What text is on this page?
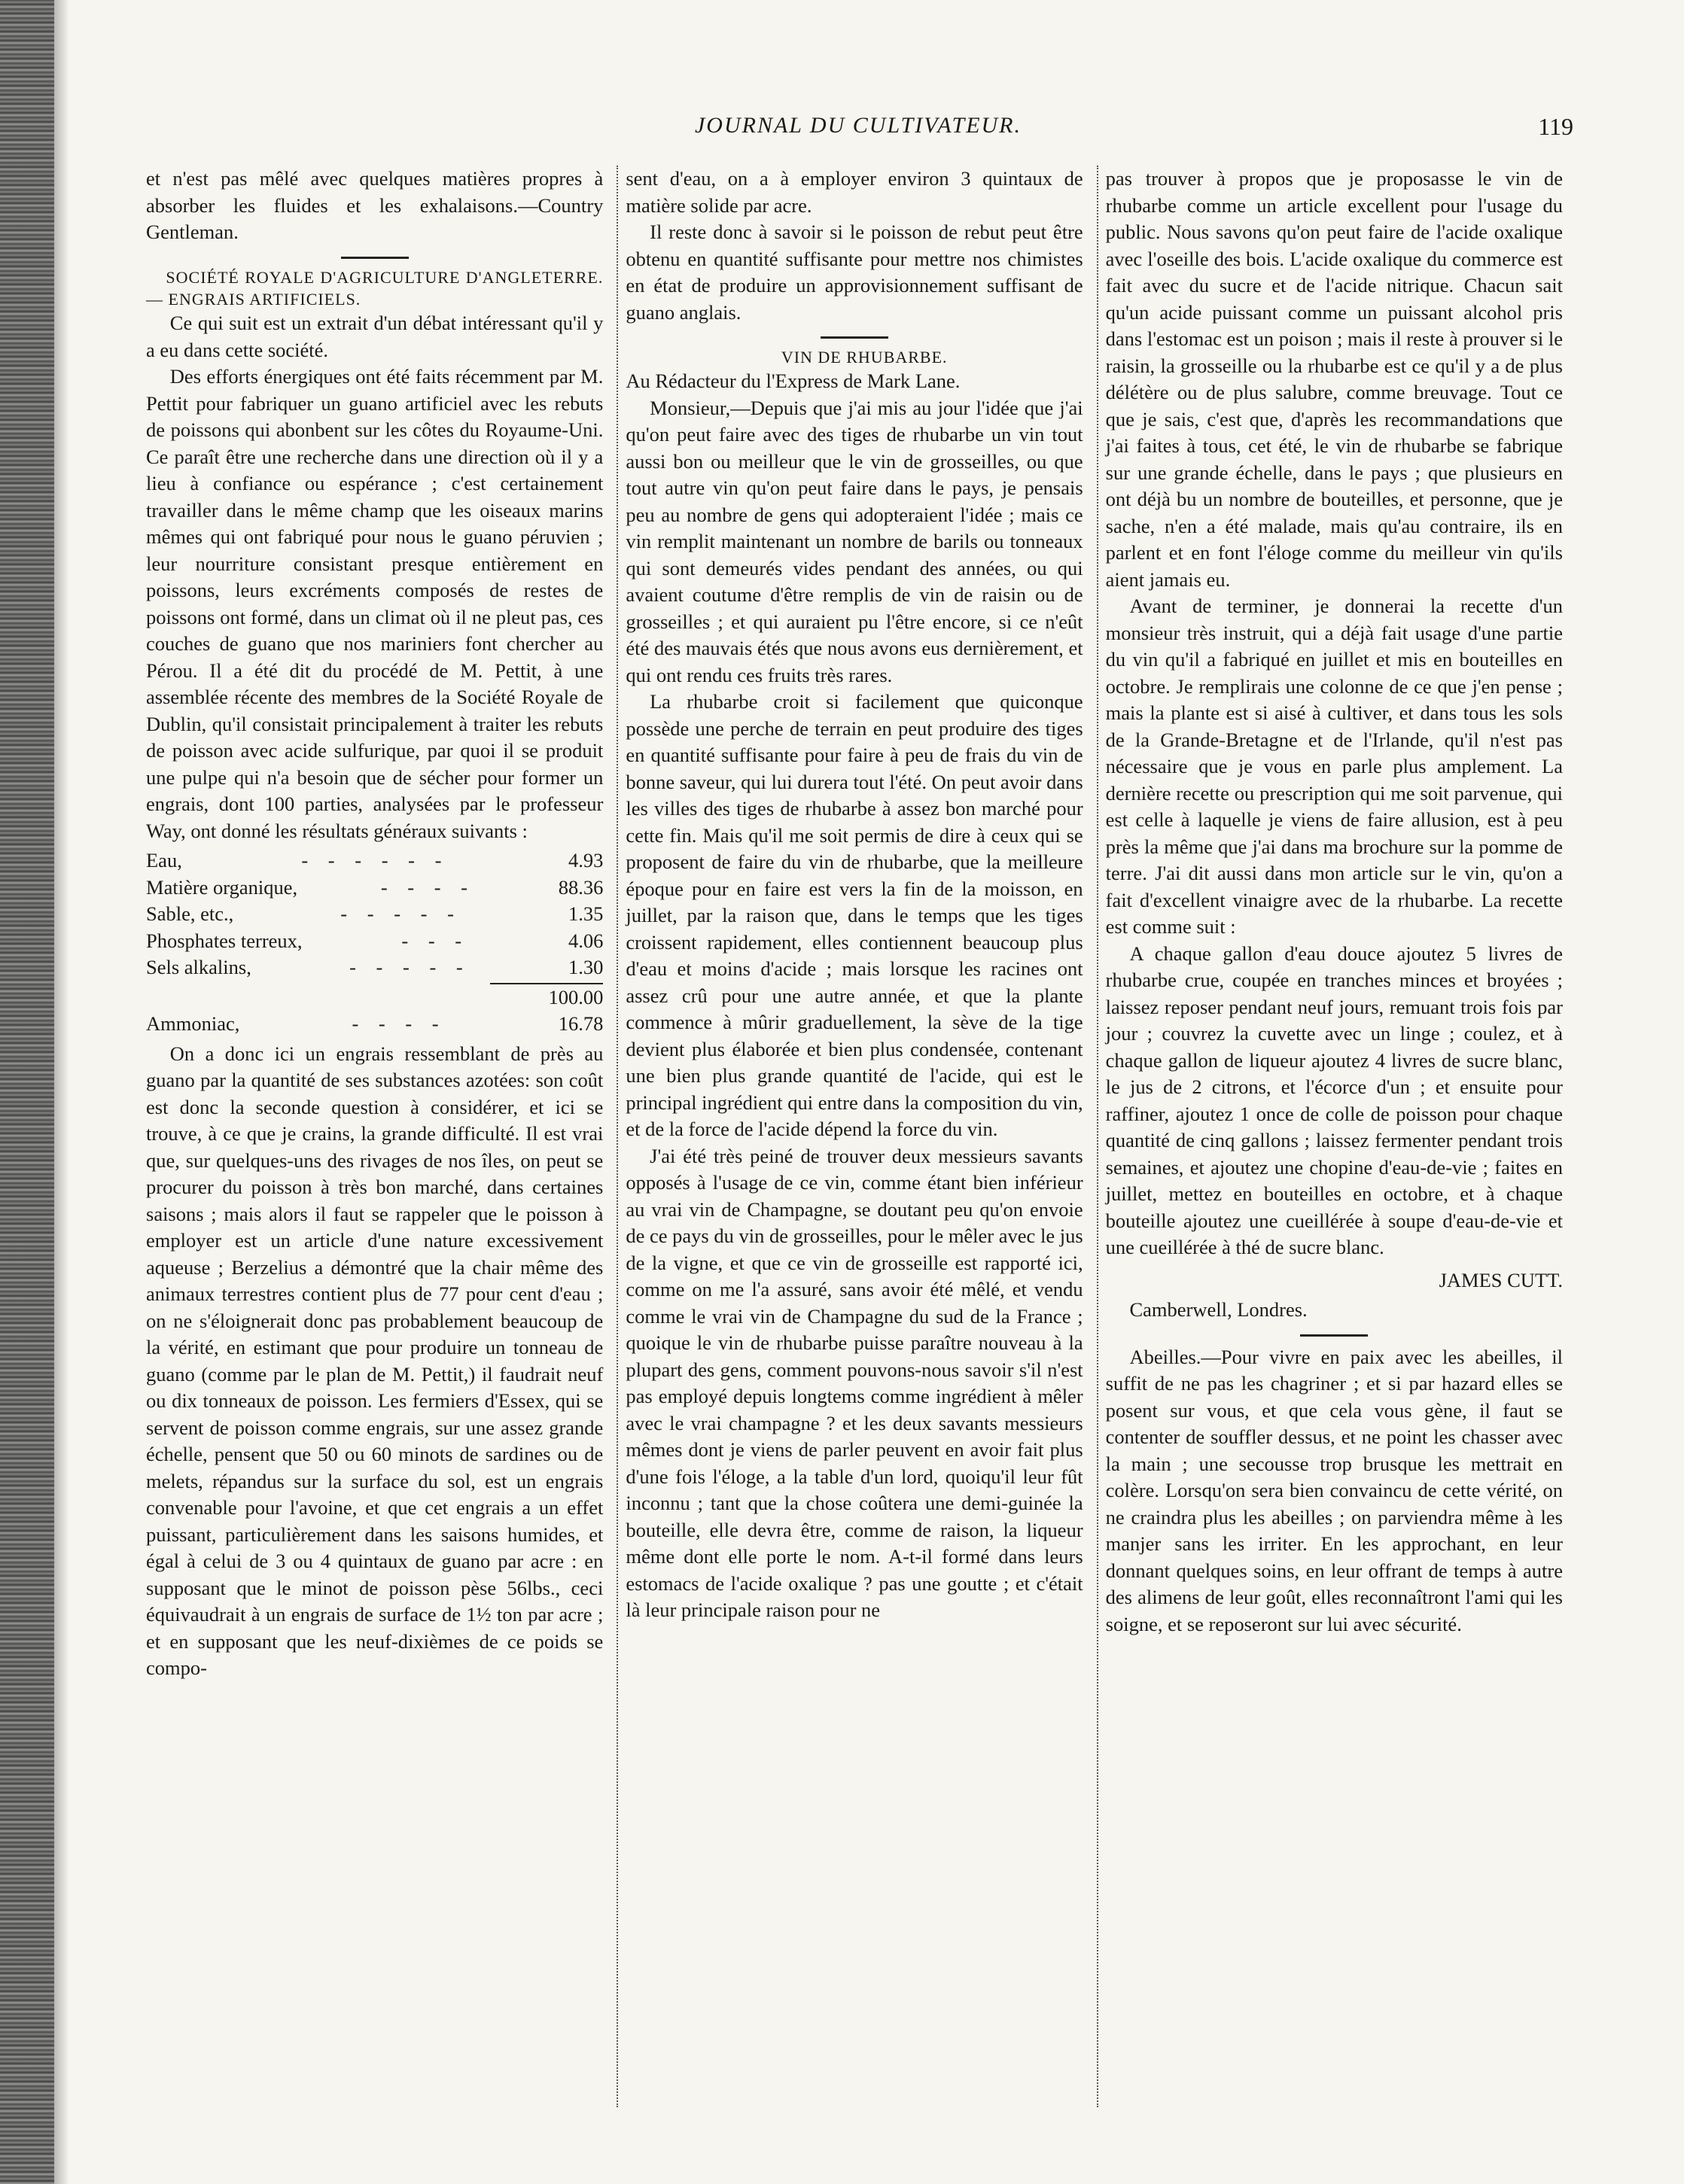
JOURNAL DU CULTIVATEUR.	119

et n'est pas mêlé avec quelques matières propres à absorber les fluides et les exhalaisons.—Country Gentleman.

SOCIÉTÉ ROYALE D'AGRICULTURE D'ANGLETERRE.— ENGRAIS ARTIFICIELS.

Ce qui suit est un extrait d'un débat intéressant qu'il y a eu dans cette société.

Des efforts énergiques ont été faits récemment par M. Pettit pour fabriquer un guano artificiel avec les rebuts de poissons qui abonbent sur les côtes du Royaume-Uni. Ce paraît être une recherche dans une direction où il y a lieu à confiance ou espérance ; c'est certainement travailler dans le même champ que les oiseaux marins mêmes qui ont fabriqué pour nous le guano péruvien ; leur nourriture consistant presque entièrement en poissons, leurs excréments composés de restes de poissons ont formé, dans un climat où il ne pleut pas, ces couches de guano que nos mariniers font chercher au Pérou. Il a été dit du procédé de M. Pettit, à une assemblée récente des membres de la Société Royale de Dublin, qu'il consistait principalement à traiter les rebuts de poisson avec acide sulfurique, par quoi il se produit une pulpe qui n'a besoin que de sécher pour former un engrais, dont 100 parties, analysées par le professeur Way, ont donné les résultats généraux suivants :

Eau,	- - - - - -	4.93
Matière organique,	- - - -	88.36
Sable, etc.,	- - - - -	1.35
Phosphates terreux,	- - -	4.06
Sels alkalins,	- - - - -	1.30
100.00
Ammoniac,	- - - -	16.78

On a donc ici un engrais ressemblant de près au guano par la quantité de ses substances azotées: son coût est donc la seconde question à considérer, et ici se trouve, à ce que je crains, la grande difficulté. Il est vrai que, sur quelques-uns des rivages de nos îles, on peut se procurer du poisson à très bon marché, dans certaines saisons ; mais alors il faut se rappeler que le poisson à employer est un article d'une nature excessivement aqueuse ; Berzelius a démontré que la chair même des animaux terrestres contient plus de 77 pour cent d'eau ; on ne s'éloignerait donc pas probablement beaucoup de la vérité, en estimant que pour produire un tonneau de guano (comme par le plan de M. Pettit,) il faudrait neuf ou dix tonneaux de poisson. Les fermiers d'Essex, qui se servent de poisson comme engrais, sur une assez grande échelle, pensent que 50 ou 60 minots de sardines ou de melets, répandus sur la surface du sol, est un engrais convenable pour l'avoine, et que cet engrais a un effet puissant, particulièrement dans les saisons humides, et égal à celui de 3 ou 4 quintaux de guano par acre : en supposant que le minot de poisson pèse 56lbs., ceci équivaudrait à un engrais de surface de 1½ ton par acre ; et en supposant que les neuf-dixièmes de ce poids se compo-

sent d'eau, on a à employer environ 3 quintaux de matière solide par acre.

Il reste donc à savoir si le poisson de rebut peut être obtenu en quantité suffisante pour mettre nos chimistes en état de produire un approvisionnement suffisant de guano anglais.

VIN DE RHUBARBE.

Au Rédacteur du l'Express de Mark Lane.

Monsieur,—Depuis que j'ai mis au jour l'idée que j'ai qu'on peut faire avec des tiges de rhubarbe un vin tout aussi bon ou meilleur que le vin de grosseilles, ou que tout autre vin qu'on peut faire dans le pays, je pensais peu au nombre de gens qui adopteraient l'idée ; mais ce vin remplit maintenant un nombre de barils ou tonneaux qui sont demeurés vides pendant des années, ou qui avaient coutume d'être remplis de vin de raisin ou de grosseilles ; et qui auraient pu l'être encore, si ce n'eût été des mauvais étés que nous avons eus dernièrement, et qui ont rendu ces fruits très rares.

La rhubarbe croit si facilement que quiconque possède une perche de terrain en peut produire des tiges en quantité suffisante pour faire à peu de frais du vin de bonne saveur, qui lui durera tout l'été. On peut avoir dans les villes des tiges de rhubarbe à assez bon marché pour cette fin. Mais qu'il me soit permis de dire à ceux qui se proposent de faire du vin de rhubarbe, que la meilleure époque pour en faire est vers la fin de la moisson, en juillet, par la raison que, dans le temps que les tiges croissent rapidement, elles contiennent beaucoup plus d'eau et moins d'acide ; mais lorsque les racines ont assez crû pour une autre année, et que la plante commence à mûrir graduellement, la sève de la tige devient plus élaborée et bien plus condensée, contenant une bien plus grande quantité de l'acide, qui est le principal ingrédient qui entre dans la composition du vin, et de la force de l'acide dépend la force du vin.

J'ai été très peiné de trouver deux messieurs savants opposés à l'usage de ce vin, comme étant bien inférieur au vrai vin de Champagne, se doutant peu qu'on envoie de ce pays du vin de grosseilles, pour le mêler avec le jus de la vigne, et que ce vin de grosseille est rapporté ici, comme on me l'a assuré, sans avoir été mêlé, et vendu comme le vrai vin de Champagne du sud de la France ; quoique le vin de rhubarbe puisse paraître nouveau à la plupart des gens, comment pouvons-nous savoir s'il n'est pas employé depuis longtems comme ingrédient à mêler avec le vrai champagne ? et les deux savants messieurs mêmes dont je viens de parler peuvent en avoir fait plus d'une fois l'éloge, a la table d'un lord, quoiqu'il leur fût inconnu ; tant que la chose coûtera une demi-guinée la bouteille, elle devra être, comme de raison, la liqueur même dont elle porte le nom. A-t-il formé dans leurs estomacs de l'acide oxalique ? pas une goutte ; et c'était là leur principale raison pour ne

pas trouver à propos que je proposasse le vin de rhubarbe comme un article excellent pour l'usage du public. Nous savons qu'on peut faire de l'acide oxalique avec l'oseille des bois. L'acide oxalique du commerce est fait avec du sucre et de l'acide nitrique. Chacun sait qu'un acide puissant comme un puissant alcohol pris dans l'estomac est un poison ; mais il reste à prouver si le raisin, la grosseille ou la rhubarbe est ce qu'il y a de plus délétère ou de plus salubre, comme breuvage. Tout ce que je sais, c'est que, d'après les recommandations que j'ai faites à tous, cet été, le vin de rhubarbe se fabrique sur une grande échelle, dans le pays ; que plusieurs en ont déjà bu un nombre de bouteilles, et personne, que je sache, n'en a été malade, mais qu'au contraire, ils en parlent et en font l'éloge comme du meilleur vin qu'ils aient jamais eu.

Avant de terminer, je donnerai la recette d'un monsieur très instruit, qui a déjà fait usage d'une partie du vin qu'il a fabriqué en juillet et mis en bouteilles en octobre. Je remplirais une colonne de ce que j'en pense ; mais la plante est si aisé à cultiver, et dans tous les sols de la Grande-Bretagne et de l'Irlande, qu'il n'est pas nécessaire que je vous en parle plus amplement. La dernière recette ou prescription qui me soit parvenue, qui est celle à laquelle je viens de faire allusion, est à peu près la même que j'ai dans ma brochure sur la pomme de terre. J'ai dit aussi dans mon article sur le vin, qu'on a fait d'excellent vinaigre avec de la rhubarbe. La recette est comme suit :

A chaque gallon d'eau douce ajoutez 5 livres de rhubarbe crue, coupée en tranches minces et broyées ; laissez reposer pendant neuf jours, remuant trois fois par jour ; couvrez la cuvette avec un linge ; coulez, et à chaque gallon de liqueur ajoutez 4 livres de sucre blanc, le jus de 2 citrons, et l'écorce d'un ; et ensuite pour raffiner, ajoutez 1 once de colle de poisson pour chaque quantité de cinq gallons ; laissez fermenter pendant trois semaines, et ajoutez une chopine d'eau-de-vie ; faites en juillet, mettez en bouteilles en octobre, et à chaque bouteille ajoutez une cueillérée à soupe d'eau-de-vie et une cueillérée à thé de sucre blanc.

JAMES CUTT.
Camberwell, Londres.

Abeilles.—Pour vivre en paix avec les abeilles, il suffit de ne pas les chagriner ; et si par hazard elles se posent sur vous, et que cela vous gène, il faut se contenter de souffler dessus, et ne point les chasser avec la main ; une secousse trop brusque les mettrait en colère. Lorsqu'on sera bien convaincu de cette vérité, on ne craindra plus les abeilles ; on parviendra même à les manjer sans les irriter. En les approchant, en leur donnant quelques soins, en leur offrant de temps à autre des alimens de leur goût, elles reconnaîtront l'ami qui les soigne, et se reposeront sur lui avec sécurité.
